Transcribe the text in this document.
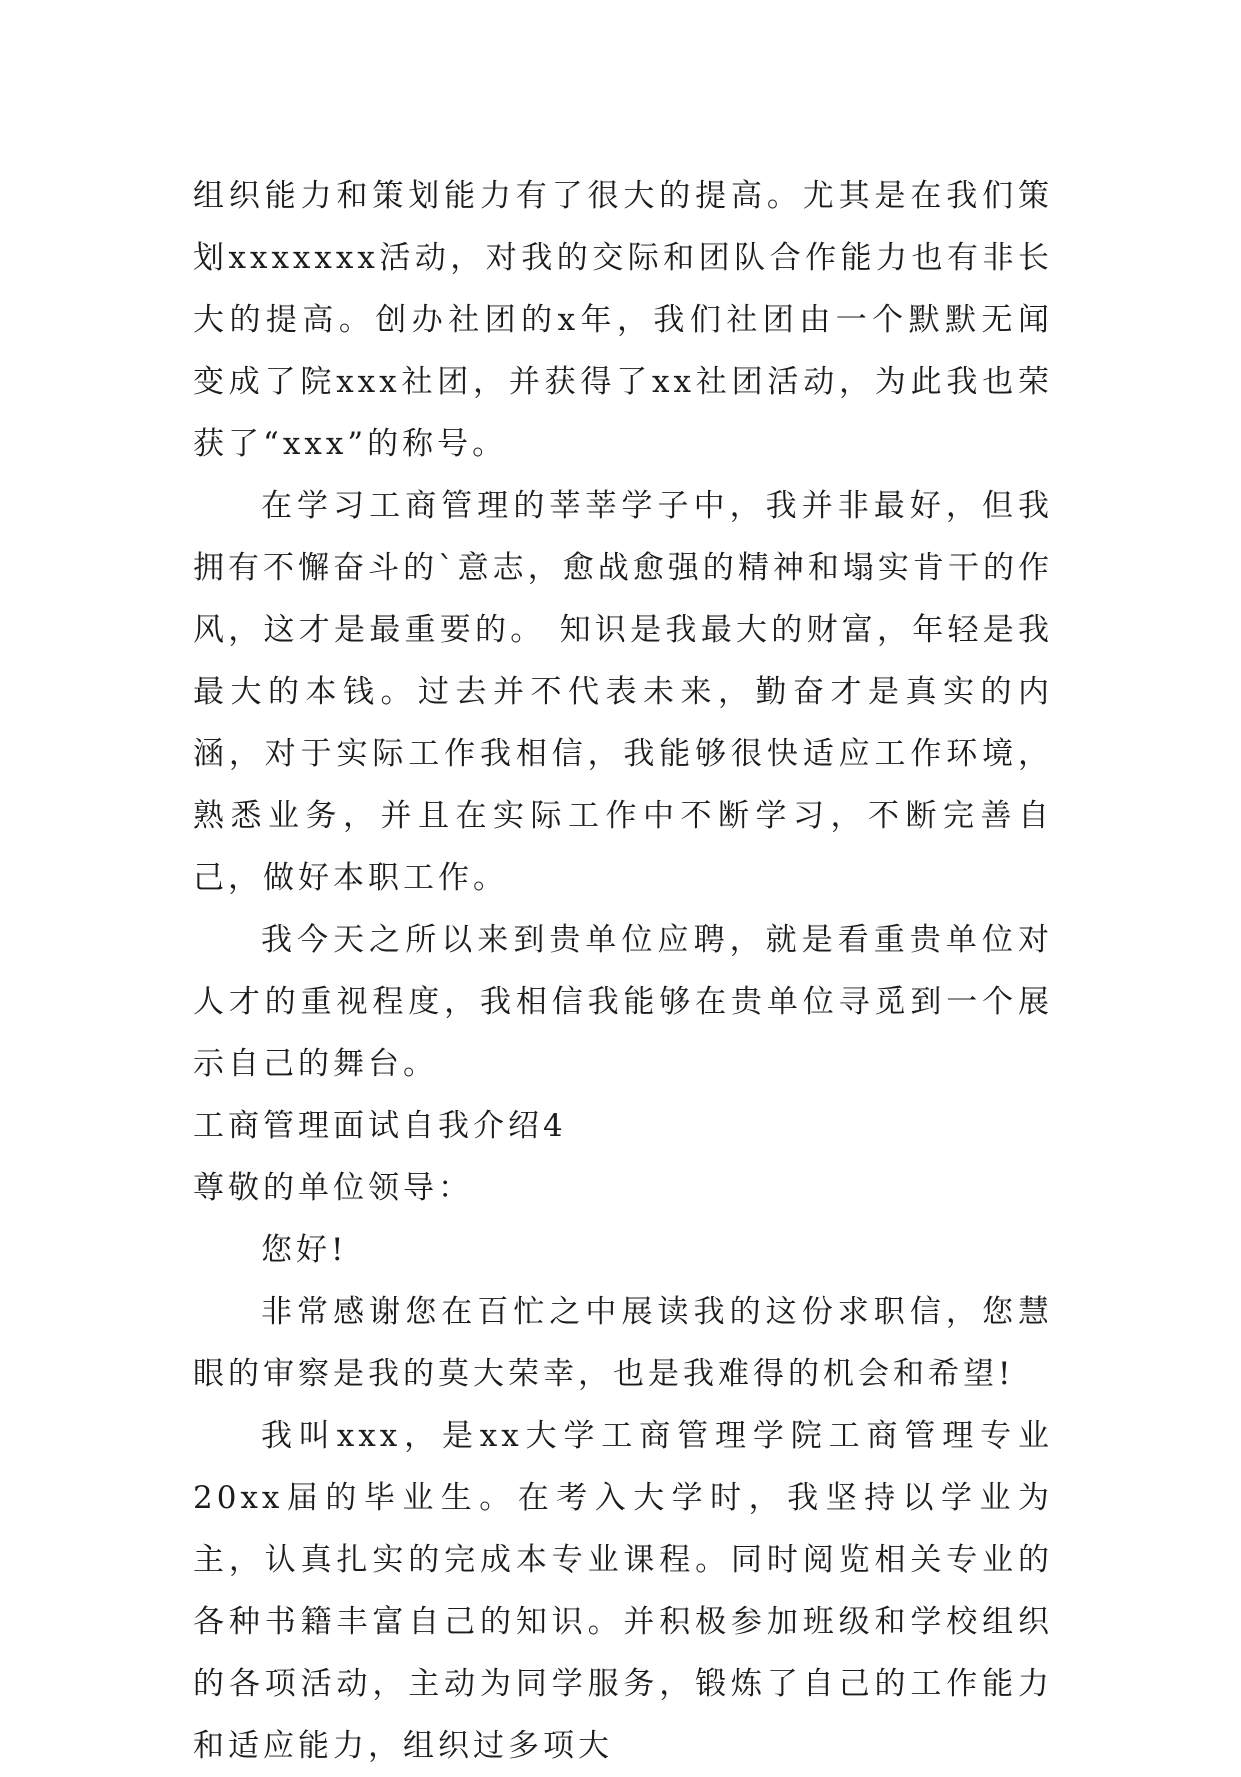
组织能力和策划能力有了很大的提高。尤其是在我们策划xxxxxxx活动，对我的交际和团队合作能力也有非长大的提高。创办社团的x年，我们社团由一个默默无闻变成了院xxx社团，并获得了xx社团活动，为此我也荣获了“xxx”的称号。

在学习工商管理的莘莘学子中，我并非最好，但我拥有不懈奋斗的`意志，愈战愈强的精神和塌实肯干的作风，这才是最重要的。 知识是我最大的财富，年轻是我最大的本钱。过去并不代表未来，勤奋才是真实的内涵，对于实际工作我相信，我能够很快适应工作环境，熟悉业务，并且在实际工作中不断学习，不断完善自己，做好本职工作。

我今天之所以来到贵单位应聘，就是看重贵单位对人才的重视程度，我相信我能够在贵单位寻觅到一个展示自己的舞台。

工商管理面试自我介绍4

尊敬的单位领导：

您好!

非常感谢您在百忙之中展读我的这份求职信，您慧眼的审察是我的莫大荣幸，也是我难得的机会和希望!

我叫xxx，是xx大学工商管理学院工商管理专业20xx届的毕业生。在考入大学时，我坚持以学业为主，认真扎实的完成本专业课程。同时阅览相关专业的各种书籍丰富自己的知识。并积极参加班级和学校组织的各项活动，主动为同学服务，锻炼了自己的工作能力和适应能力，组织过多项大
